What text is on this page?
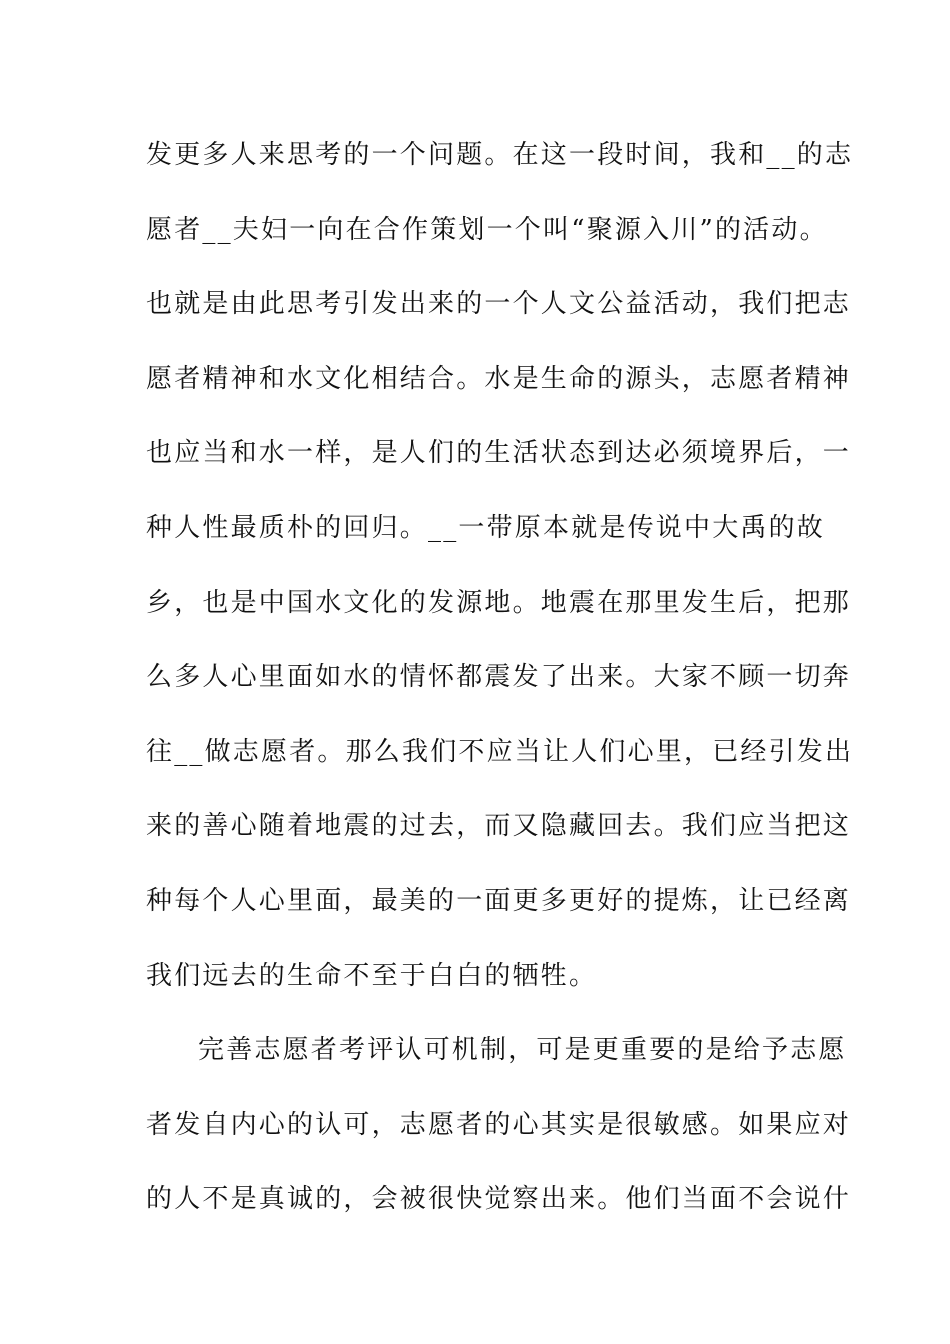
发更多人来思考的一个问题。在这一段时间，我和__的志
愿者__夫妇一向在合作策划一个叫“聚源入川”的活动。
也就是由此思考引发出来的一个人文公益活动，我们把志
愿者精神和水文化相结合。水是生命的源头，志愿者精神
也应当和水一样，是人们的生活状态到达必须境界后，一
种人性最质朴的回归。__一带原本就是传说中大禹的故
乡，也是中国水文化的发源地。地震在那里发生后，把那
么多人心里面如水的情怀都震发了出来。大家不顾一切奔
往__做志愿者。那么我们不应当让人们心里，已经引发出
来的善心随着地震的过去，而又隐藏回去。我们应当把这
种每个人心里面，最美的一面更多更好的提炼，让已经离
我们远去的生命不至于白白的牺牲。
完善志愿者考评认可机制，可是更重要的是给予志愿
者发自内心的认可，志愿者的心其实是很敏感。如果应对
的人不是真诚的，会被很快觉察出来。他们当面不会说什
